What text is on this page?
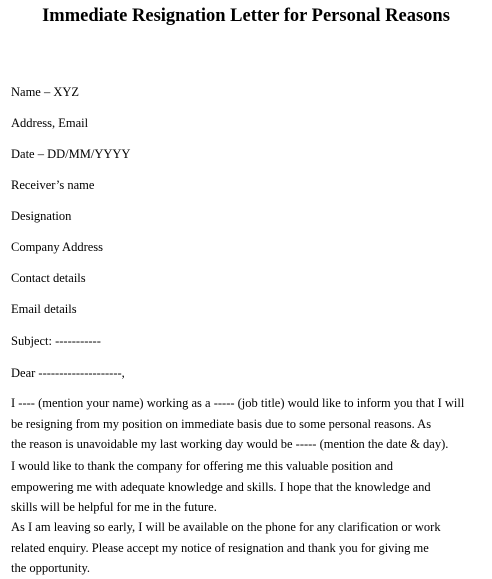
Immediate Resignation Letter for Personal Reasons
Name – XYZ
Address, Email
Date – DD/MM/YYYY
Receiver’s name
Designation
Company Address
Contact details
Email details
Subject: -----------
Dear --------------------,
I ---- (mention your name) working as a ----- (job title) would like to inform you that I will
be resigning from my position on immediate basis due to some personal reasons. As
the reason is unavoidable my last working day would be ----- (mention the date & day).
I would like to thank the company for offering me this valuable position and
empowering me with adequate knowledge and skills. I hope that the knowledge and
skills will be helpful for me in the future.
As I am leaving so early, I will be available on the phone for any clarification or work
related enquiry. Please accept my notice of resignation and thank you for giving me
the opportunity.
